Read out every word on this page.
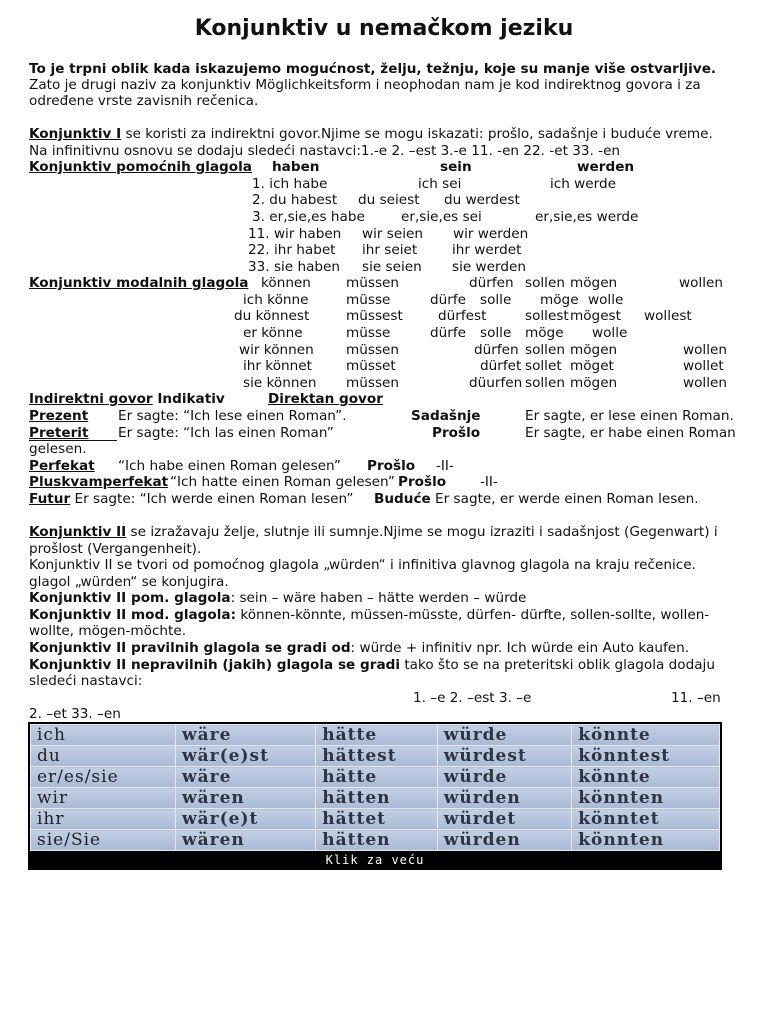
Konjunktiv u nemačkom jeziku
To je trpni oblik kada iskazujemo mogućnost, želju, težnju, koje su manje više ostvarljive.
Zato je drugi naziv za konjunktiv Möglichkeitsform i neophodan nam je kod indirektnog govora i za
određene vrste zavisnih rečenica.
Konjunktiv I se koristi za indirektni govor.Njime se mogu iskazati: prošlo, sadašnje i buduće vreme.
Na infinitivnu osnovu se dodaju sledeći nastavci:1.-e 2. –est 3.-e 11. -en 22. -et 33. -en
Konjunktiv pomoćnih glagola haben	sein	werden
1. ich habe	ich sei	ich werde
2. du habest du seiest du werdest
3. er,sie,es habe	er,sie,es sei	er,sie,es werde
11. wir haben wir seien wir werden
22. ihr habet ihr seiet	ihr werdet
33. sie haben sie seien sie werden
Konjunktiv modalnih glagola können	müssen	dürfen sollen mögen	wollen
ich könne	müsse	dürfe solle möge wolle
du könnest	müssest	dürfest	sollest mögest wollest
er könne	müsse	dürfe solle möge wolle
wir können müssen	dürfen sollen mögen	wollen
ihr könnet	müsset	dürfet sollet möget	wollet
sie können müssen	düurfen sollen mögen	wollen
Indirektni govor Indikativ	Direktan govor
Prezent Er sagte: “Ich lese einen Roman”.	Sadašnje	Er sagte, er lese einen Roman.
Preterit	Er sagte: “Ich las einen Roman”	Prošlo	Er sagte, er habe einen Roman
gelesen.
Perfekat “Ich habe einen Roman gelesen” Prošlo -II-
Pluskvamperfekat “Ich hatte einen Roman gelesen” Prošlo -II-
Futur Er sagte: “Ich werde einen Roman lesen” Buduće Er sagte, er werde einen Roman lesen.
Konjunktiv II se izražavaju želje, slutnje ili sumnje.Njime se mogu izraziti i sadašnjost (Gegenwart) i
prošlost (Vergangenheit).
Konjunktiv II se tvori od pomoćnog glagola „würden“ i infinitiva glavnog glagola na kraju rečenice.
glagol „würden“ se konjugira.
Konjunktiv II pom. glagola: sein – wäre haben – hätte werden – würde
Konjunktiv II mod. glagola: können-könnte, müssen-müsste, dürfen- dürfte, sollen-sollte, wollen-
wollte, mögen-möchte.
Konjunktiv II pravilnih glagola se gradi od: würde + infinitiv npr. Ich würde ein Auto kaufen.
Konjunktiv II nepravilnih (jakih) glagola se gradi tako što se na preteritski oblik glagola dodaju
sledeći nastavci:
1. –e 2. –est 3. –e	11. –en
2. –et 33. –en
ich	wäre	hätte	würde	könnte
du	wär(e)st	hättest	würdest	könntest
er/es/sie	wäre	hätte	würde	könnte
wir	wären	hätten	würden	könnten
ihr	wär(e)t	hättet	würdet	könntet
sie/Sie	wären	hätten	würden	könnten
Klik za veću
